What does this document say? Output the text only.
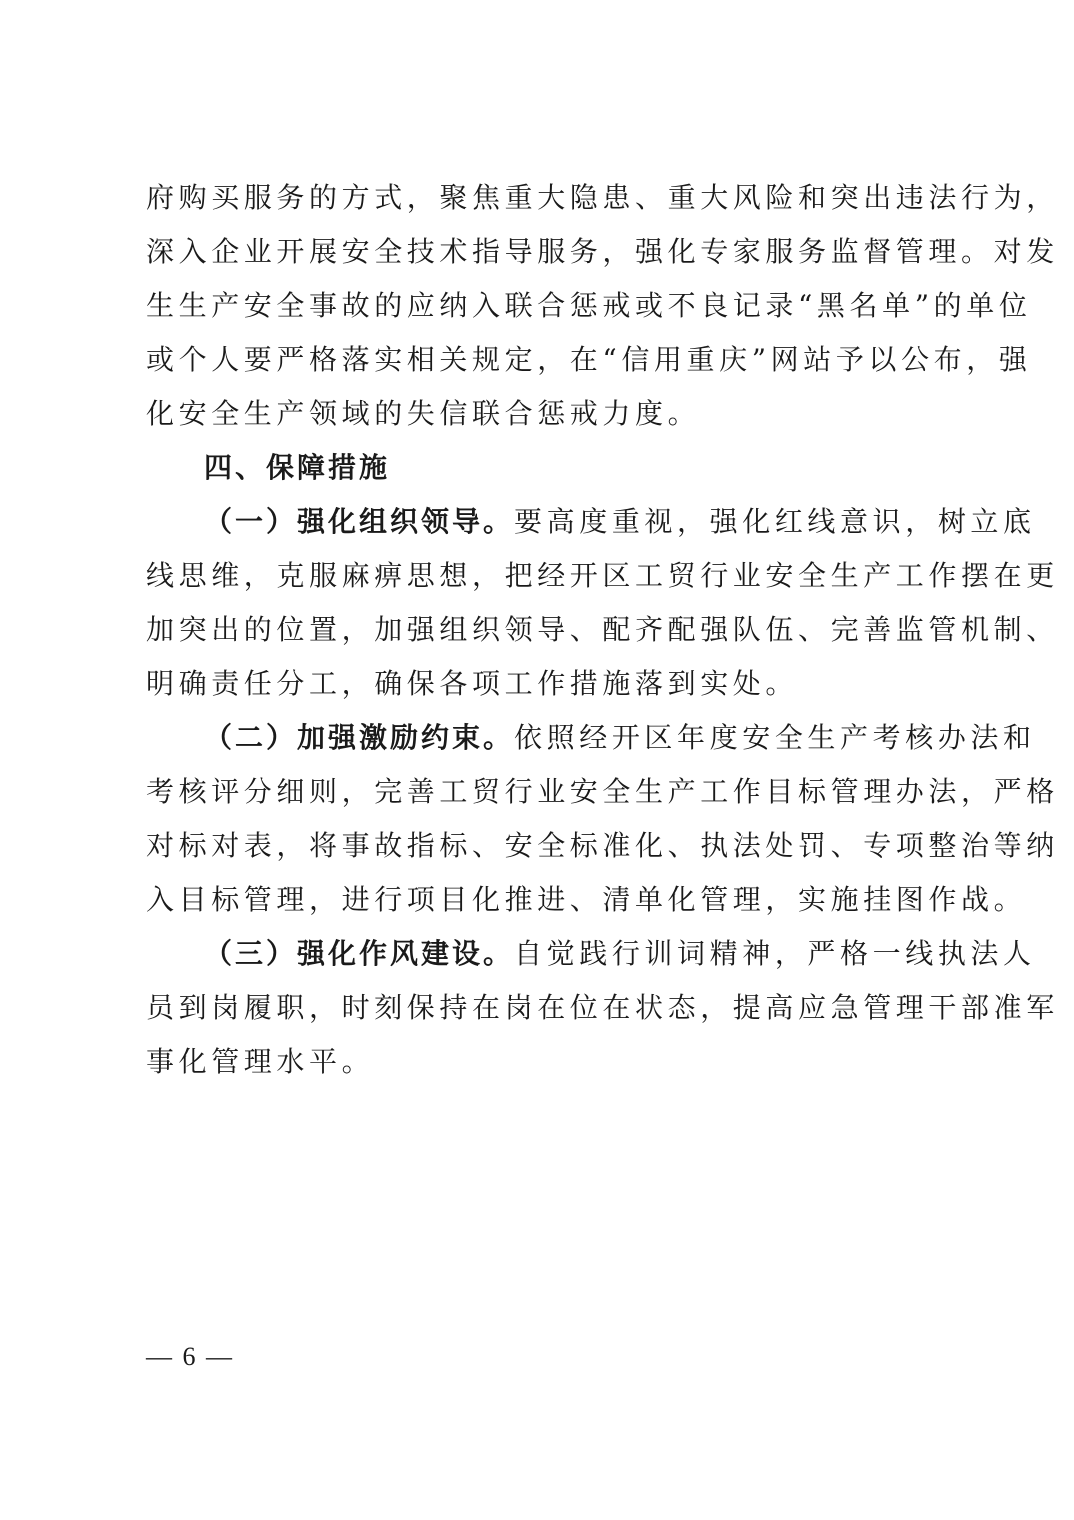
府购买服务的方式，聚焦重大隐患、重大风险和突出违法行为，
深入企业开展安全技术指导服务，强化专家服务监督管理。对发
生生产安全事故的应纳入联合惩戒或不良记录“黑名单”的单位
或个人要严格落实相关规定，在“信用重庆”网站予以公布，强
化安全生产领域的失信联合惩戒力度。
四、保障措施
（一）强化组织领导。要高度重视，强化红线意识，树立底
线思维，克服麻痹思想，把经开区工贸行业安全生产工作摆在更
加突出的位置，加强组织领导、配齐配强队伍、完善监管机制、
明确责任分工，确保各项工作措施落到实处。
（二）加强激励约束。依照经开区年度安全生产考核办法和
考核评分细则，完善工贸行业安全生产工作目标管理办法，严格
对标对表，将事故指标、安全标准化、执法处罚、专项整治等纳
入目标管理，进行项目化推进、清单化管理，实施挂图作战。
（三）强化作风建设。自觉践行训词精神，严格一线执法人
员到岗履职，时刻保持在岗在位在状态，提高应急管理干部准军
事化管理水平。
— 6 —
